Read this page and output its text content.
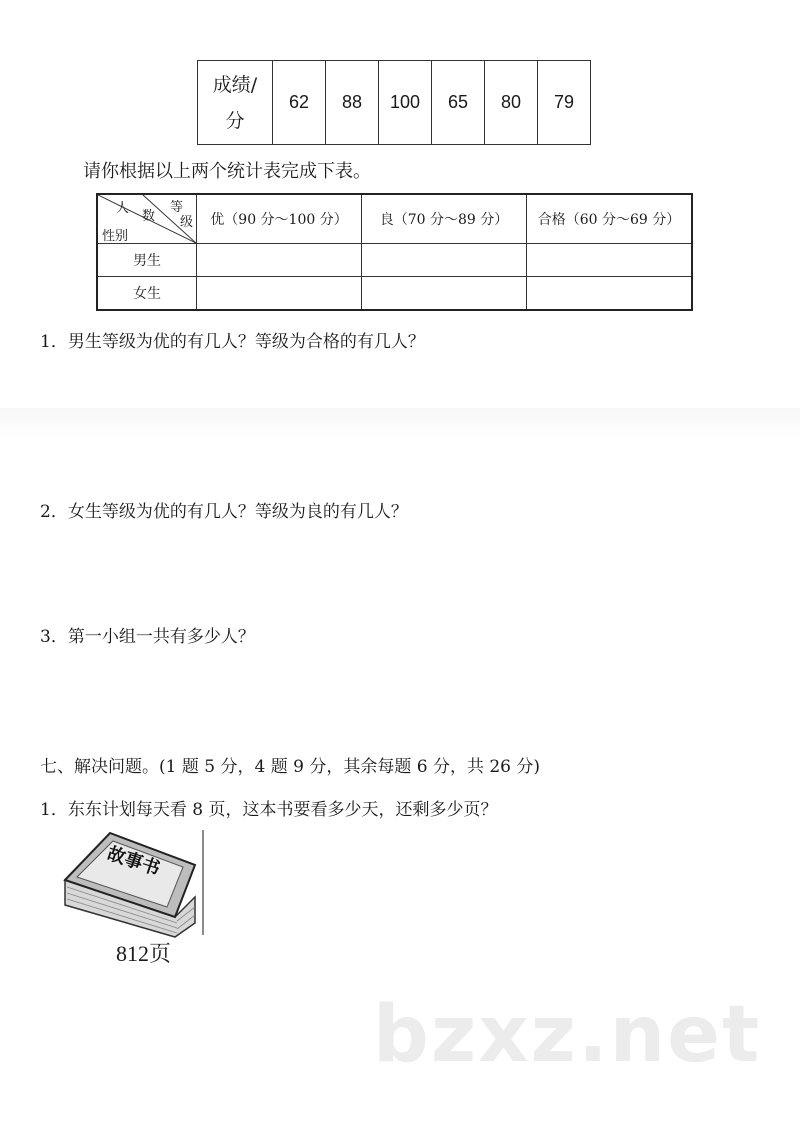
成绩/
分
	62	88	100	65	80	79
请你根据以上两个统计表完成下表。
人
数
等
级
性别	优（90 分～100 分）	良（70 分～89 分）	合格（60 分～69 分）
男生			
女生			
1．男生等级为优的有几人？等级为合格的有几人？
2．女生等级为优的有几人？等级为良的有几人？
3．第一小组一共有多少人？
七、解决问题。(1 题 5 分，4 题 9 分，其余每题 6 分，共 26 分)
1．东东计划每天看 8 页，这本书要看多少天，还剩多少页？
故事书
812页
bzxz.net
